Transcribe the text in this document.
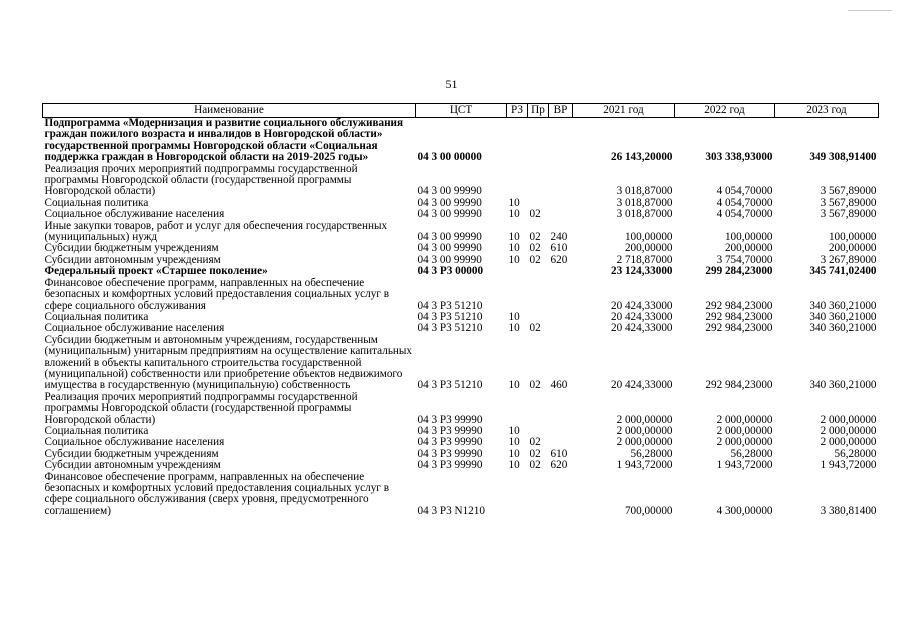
51
Наименование	ЦСТ	РЗ	Пр	ВР	2021 год	2022 год	2023 год
Подпрограмма «Модернизация и развитие социального обслуживания граждан пожилого возраста и инвалидов в Новгородской области» государственной программы Новгородской области «Социальная поддержка граждан в Новгородской области на 2019-2025 годы»	04 3 00 00000				26 143,20000	303 338,93000	349 308,91400
Реализация прочих мероприятий подпрограммы государственной программы Новгородской области (государственной программы Новгородской области)	04 3 00 99990				3 018,87000	4 054,70000	3 567,89000
Социальная политика	04 3 00 99990	10			3 018,87000	4 054,70000	3 567,89000
Социальное обслуживание населения	04 3 00 99990	10	02		3 018,87000	4 054,70000	3 567,89000
Иные закупки товаров, работ и услуг для обеспечения государственных (муниципальных) нужд	04 3 00 99990	10	02	240	100,00000	100,00000	100,00000
Субсидии бюджетным учреждениям	04 3 00 99990	10	02	610	200,00000	200,00000	200,00000
Субсидии автономным учреждениям	04 3 00 99990	10	02	620	2 718,87000	3 754,70000	3 267,89000
Федеральный проект «Старшее поколение»	04 3 P3 00000				23 124,33000	299 284,23000	345 741,02400
Финансовое обеспечение программ, направленных на обеспечение безопасных и комфортных условий предоставления социальных услуг в сфере социального обслуживания	04 3 P3 51210				20 424,33000	292 984,23000	340 360,21000
Социальная политика	04 3 P3 51210	10			20 424,33000	292 984,23000	340 360,21000
Социальное обслуживание населения	04 3 P3 51210	10	02		20 424,33000	292 984,23000	340 360,21000
Субсидии бюджетным и автономным учреждениям, государственным (муниципальным) унитарным предприятиям на осуществление капитальных вложений в объекты капитального строительства государственной (муниципальной) собственности или приобретение объектов недвижимого имущества в государственную (муниципальную) собственность	04 3 P3 51210	10	02	460	20 424,33000	292 984,23000	340 360,21000
Реализация прочих мероприятий подпрограммы государственной программы Новгородской области (государственной программы Новгородской области)	04 3 P3 99990				2 000,00000	2 000,00000	2 000,00000
Социальная политика	04 3 P3 99990	10			2 000,00000	2 000,00000	2 000,00000
Социальное обслуживание населения	04 3 P3 99990	10	02		2 000,00000	2 000,00000	2 000,00000
Субсидии бюджетным учреждениям	04 3 P3 99990	10	02	610	56,28000	56,28000	56,28000
Субсидии автономным учреждениям	04 3 P3 99990	10	02	620	1 943,72000	1 943,72000	1 943,72000
Финансовое обеспечение программ, направленных на обеспечение безопасных и комфортных условий предоставления социальных услуг в сфере социального обслуживания (сверх уровня, предусмотренного соглашением)	04 3 P3 N1210				700,00000	4 300,00000	3 380,81400
